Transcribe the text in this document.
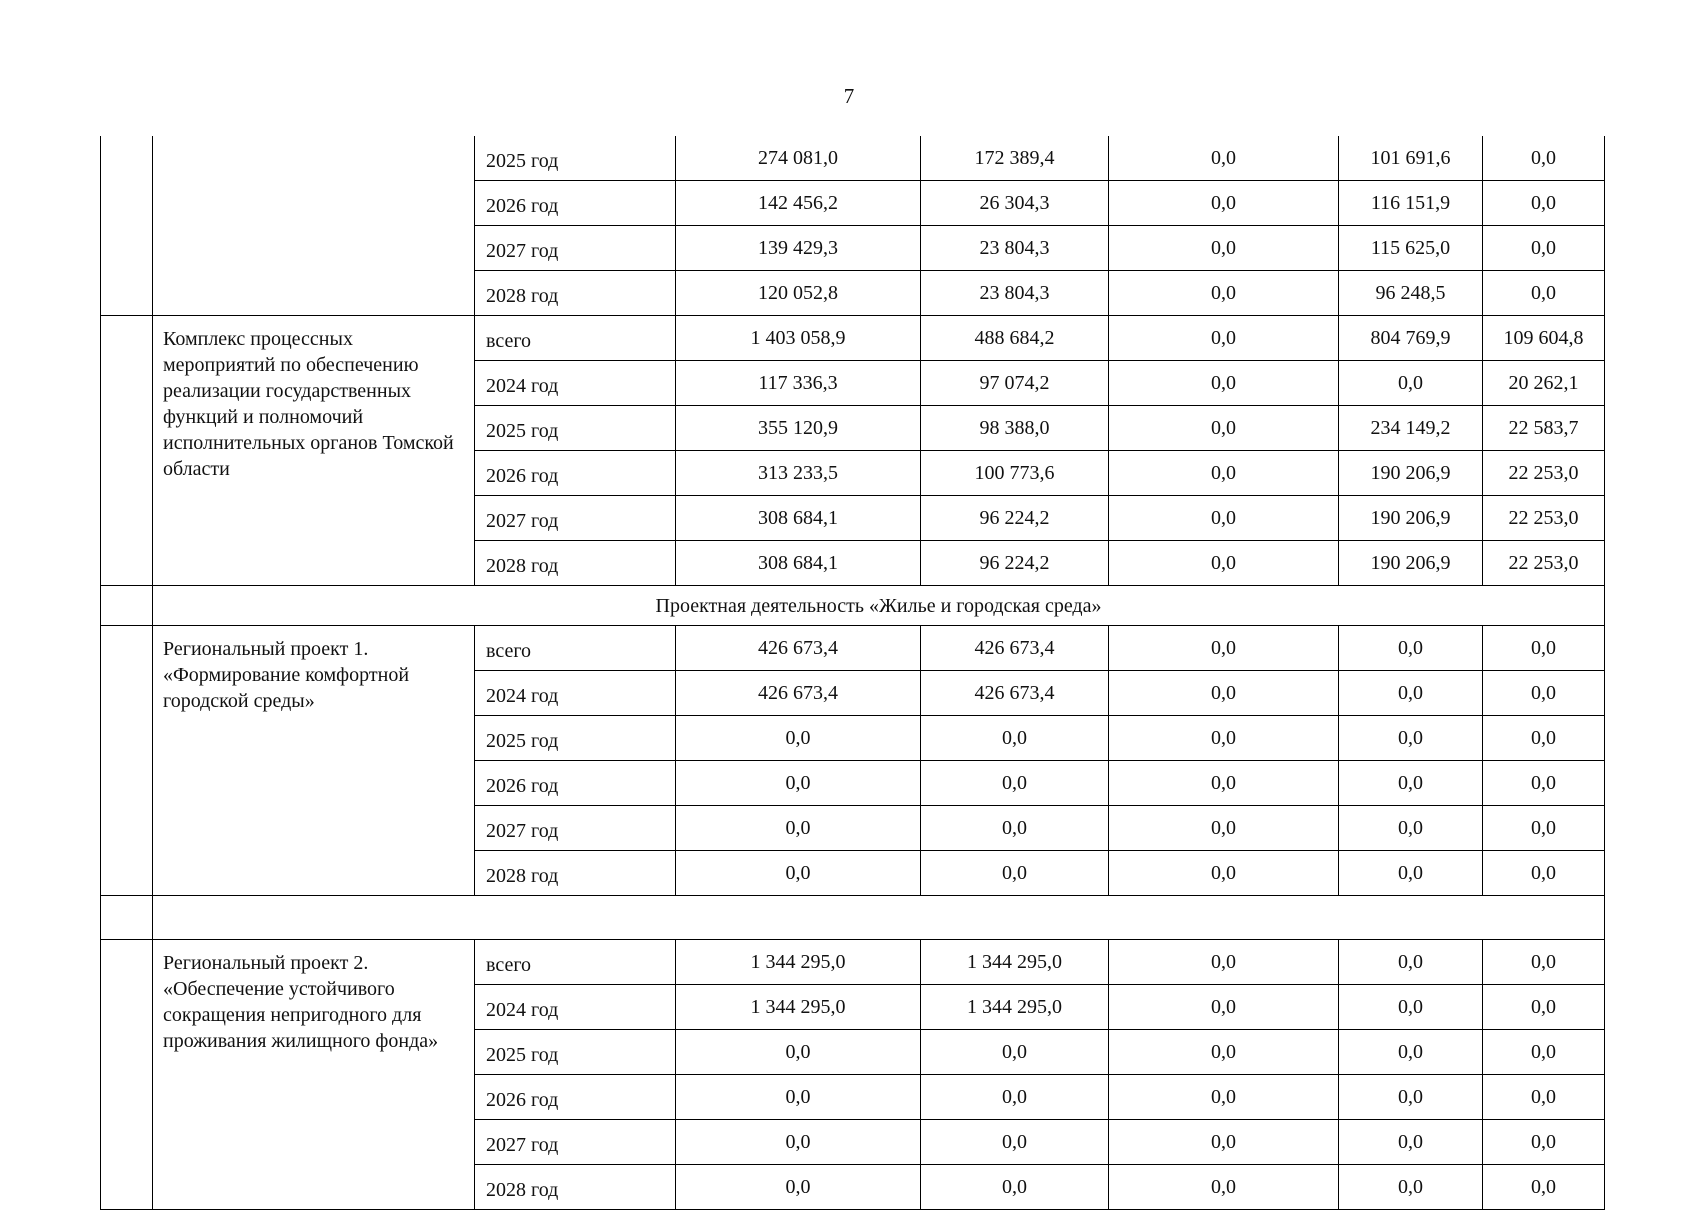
7
		2025 год	274 081,0	172 389,4	0,0	101 691,6	0,0
		2026 год	142 456,2	26 304,3	0,0	116 151,9	0,0
		2027 год	139 429,3	23 804,3	0,0	115 625,0	0,0
		2028 год	120 052,8	23 804,3	0,0	96 248,5	0,0
	Комплекс процессных мероприятий по обеспечению реализации государственных функций и полномочий исполнительных органов Томской области	всего	1 403 058,9	488 684,2	0,0	804 769,9	109 604,8
		2024 год	117 336,3	97 074,2	0,0	0,0	20 262,1
		2025 год	355 120,9	98 388,0	0,0	234 149,2	22 583,7
		2026 год	313 233,5	100 773,6	0,0	190 206,9	22 253,0
		2027 год	308 684,1	96 224,2	0,0	190 206,9	22 253,0
		2028 год	308 684,1	96 224,2	0,0	190 206,9	22 253,0
	Проектная деятельность «Жилье и городская среда»						
	Региональный проект 1. «Формирование комфортной городской среды»	всего	426 673,4	426 673,4	0,0	0,0	0,0
		2024 год	426 673,4	426 673,4	0,0	0,0	0,0
		2025 год	0,0	0,0	0,0	0,0	0,0
		2026 год	0,0	0,0	0,0	0,0	0,0
		2027 год	0,0	0,0	0,0	0,0	0,0
		2028 год	0,0	0,0	0,0	0,0	0,0

	Региональный проект 2. «Обеспечение устойчивого сокращения непригодного для проживания жилищного фонда»	всего	1 344 295,0	1 344 295,0	0,0	0,0	0,0
		2024 год	1 344 295,0	1 344 295,0	0,0	0,0	0,0
		2025 год	0,0	0,0	0,0	0,0	0,0
		2026 год	0,0	0,0	0,0	0,0	0,0
		2027 год	0,0	0,0	0,0	0,0	0,0
		2028 год	0,0	0,0	0,0	0,0	0,0
